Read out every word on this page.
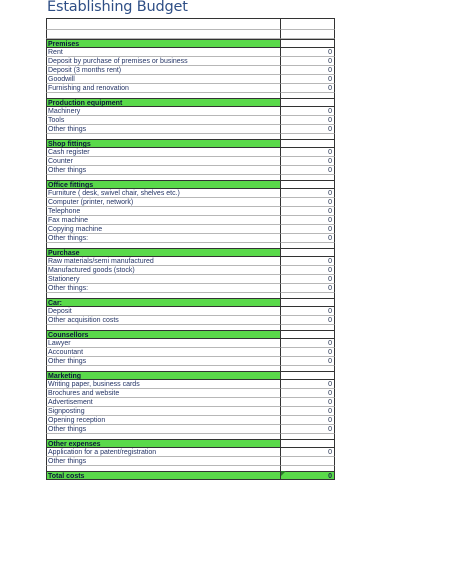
Establishing Budget
Premises
Rent	0
Deposit by purchase of premises or business	0
Deposit (3 months rent)	0
Goodwill	0
Furnishing and renovation	0
Production equipment
Machinery	0
Tools	0
Other things	0
Shop fittings
Cash register	0
Counter	0
Other things	0
Office fittings
Furniture ( desk, swivel chair, shelves etc.)	0
Computer (printer, network)	0
Telephone	0
Fax machine	0
Copying machine	0
Other things:	0
Purchase
Raw materials/semi manufactured	0
Manufactured goods (stock)	0
Stationery	0
Other things:	0
Car:
Deposit	0
Other acquisition costs	0
Counsellors
Lawyer	0
Accountant	0
Other things	0
Marketing
Writing paper, business cards	0
Brochures and website	0
Advertisement	0
Signposting	0
Opening reception	0
Other things	0
Other expenses
Application for a patent/registration	0
Other things
Total costs	0
